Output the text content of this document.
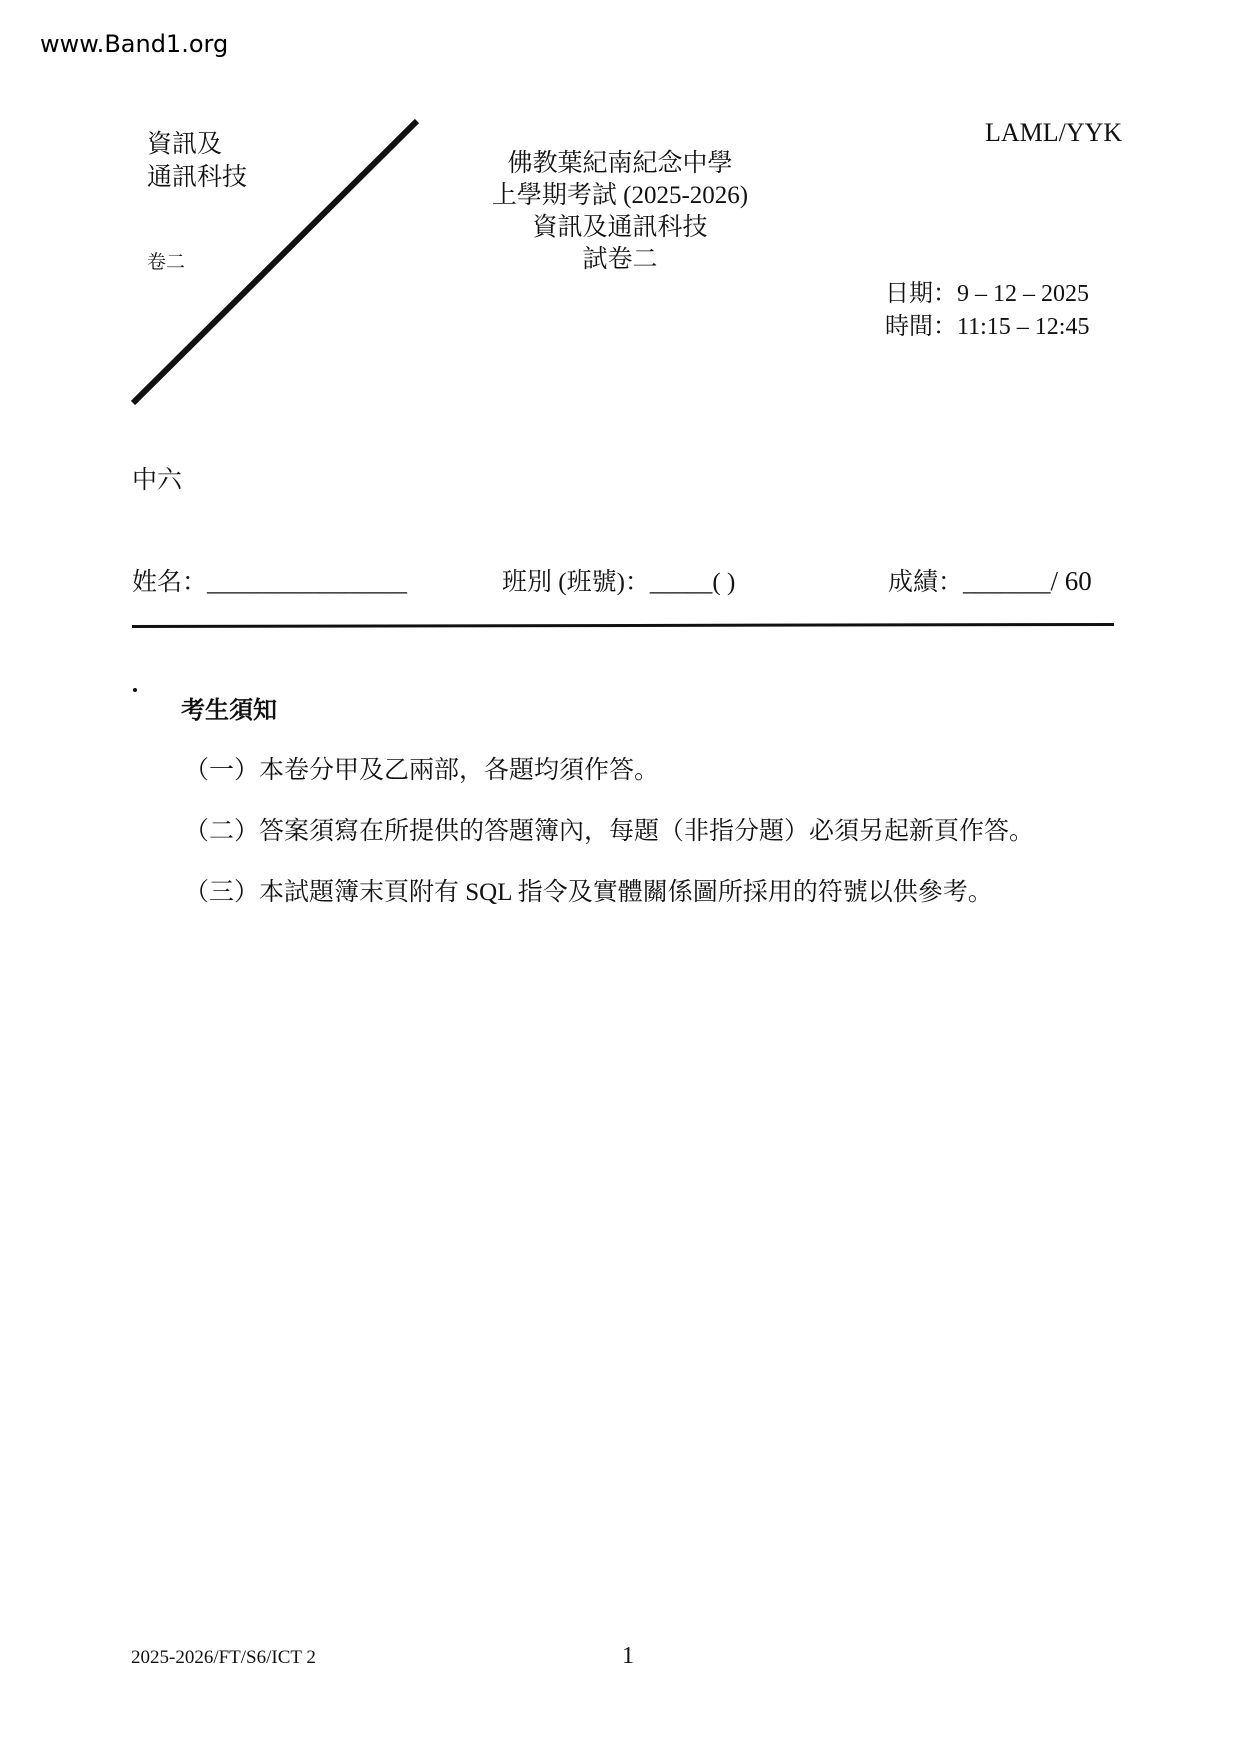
www.Band1.org
資訊及
通訊科技
卷二
佛教葉紀南紀念中學
上學期考試 (2025-2026)
資訊及通訊科技
試卷二
LAML/YYK
日期：9 – 12 – 2025
時間：11:15 – 12:45
中六
姓名：________________	班別 (班號)：_____( )	成績：_______/ 60
考生須知
（一）本卷分甲及乙兩部，各題均須作答。
（二）答案須寫在所提供的答題簿內，每題（非指分題）必須另起新頁作答。
（三）本試題簿末頁附有 SQL 指令及實體關係圖所採用的符號以供參考。
2025-2026/FT/S6/ICT 2	1
